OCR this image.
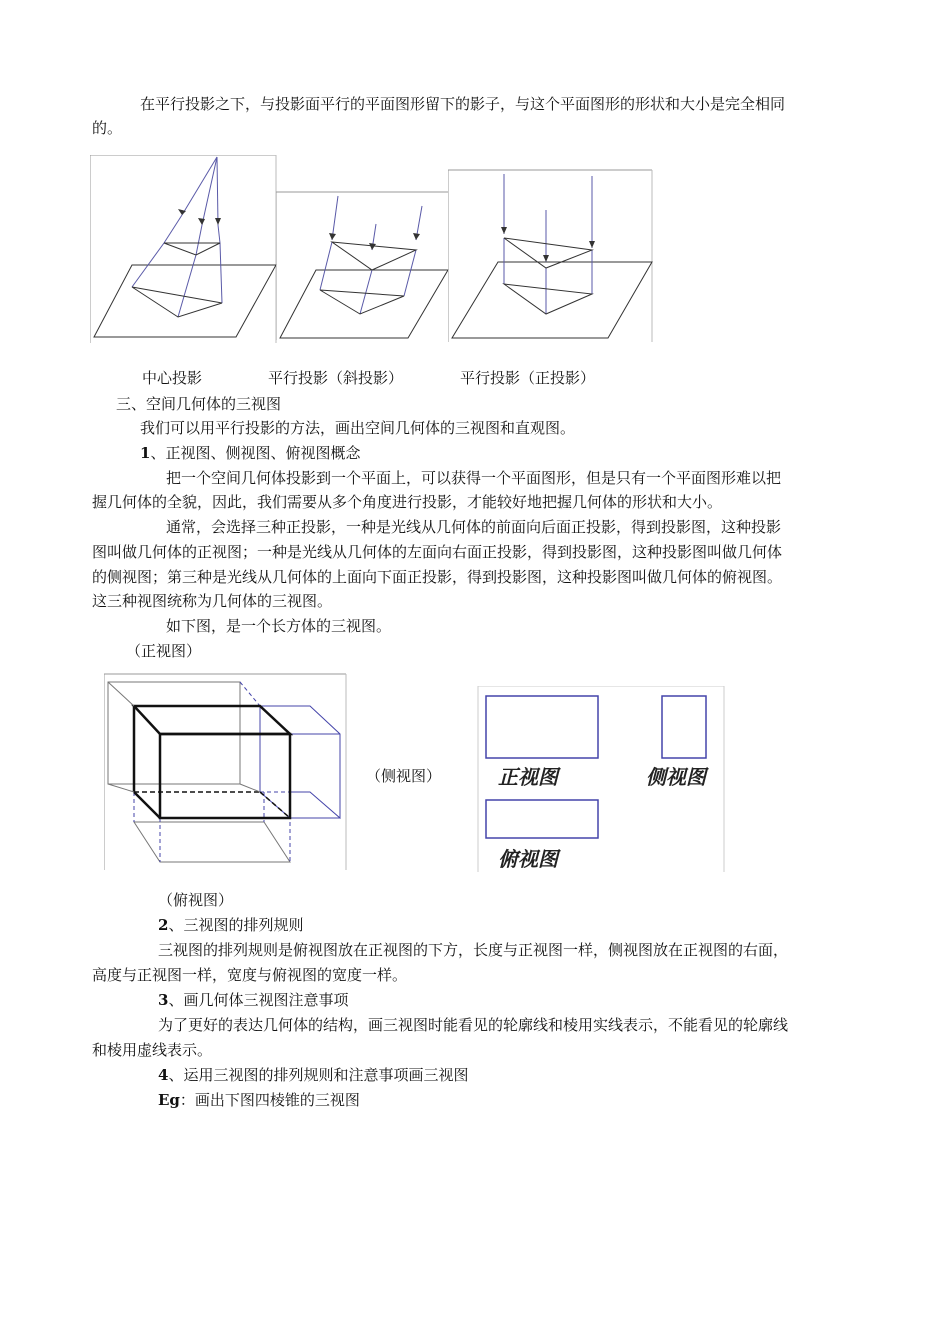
在平行投影之下，与投影面平行的平面图形留下的影子，与这个平面图形的形状和大小是完全相同
的。
中心投影	平行投影（斜投影）	平行投影（正投影）
三、空间几何体的三视图
我们可以用平行投影的方法，画出空间几何体的三视图和直观图。
1、正视图、侧视图、俯视图概念
把一个空间几何体投影到一个平面上，可以获得一个平面图形，但是只有一个平面图形难以把
握几何体的全貌，因此，我们需要从多个角度进行投影，才能较好地把握几何体的形状和大小。
通常，会选择三种正投影，一种是光线从几何体的前面向后面正投影，得到投影图，这种投影
图叫做几何体的正视图；一种是光线从几何体的左面向右面正投影，得到投影图，这种投影图叫做几何体
的侧视图；第三种是光线从几何体的上面向下面正投影，得到投影图，这种投影图叫做几何体的俯视图。
这三种视图统称为几何体的三视图。
如下图，是一个长方体的三视图。
（正视图）
（侧视图）	正视图	侧视图
俯视图
（俯视图）
2、三视图的排列规则
三视图的排列规则是俯视图放在正视图的下方，长度与正视图一样，侧视图放在正视图的右面，
高度与正视图一样，宽度与俯视图的宽度一样。
3、画几何体三视图注意事项
为了更好的表达几何体的结构，画三视图时能看见的轮廓线和棱用实线表示，不能看见的轮廓线
和棱用虚线表示。
4、运用三视图的排列规则和注意事项画三视图
Eg：画出下图四棱锥的三视图
